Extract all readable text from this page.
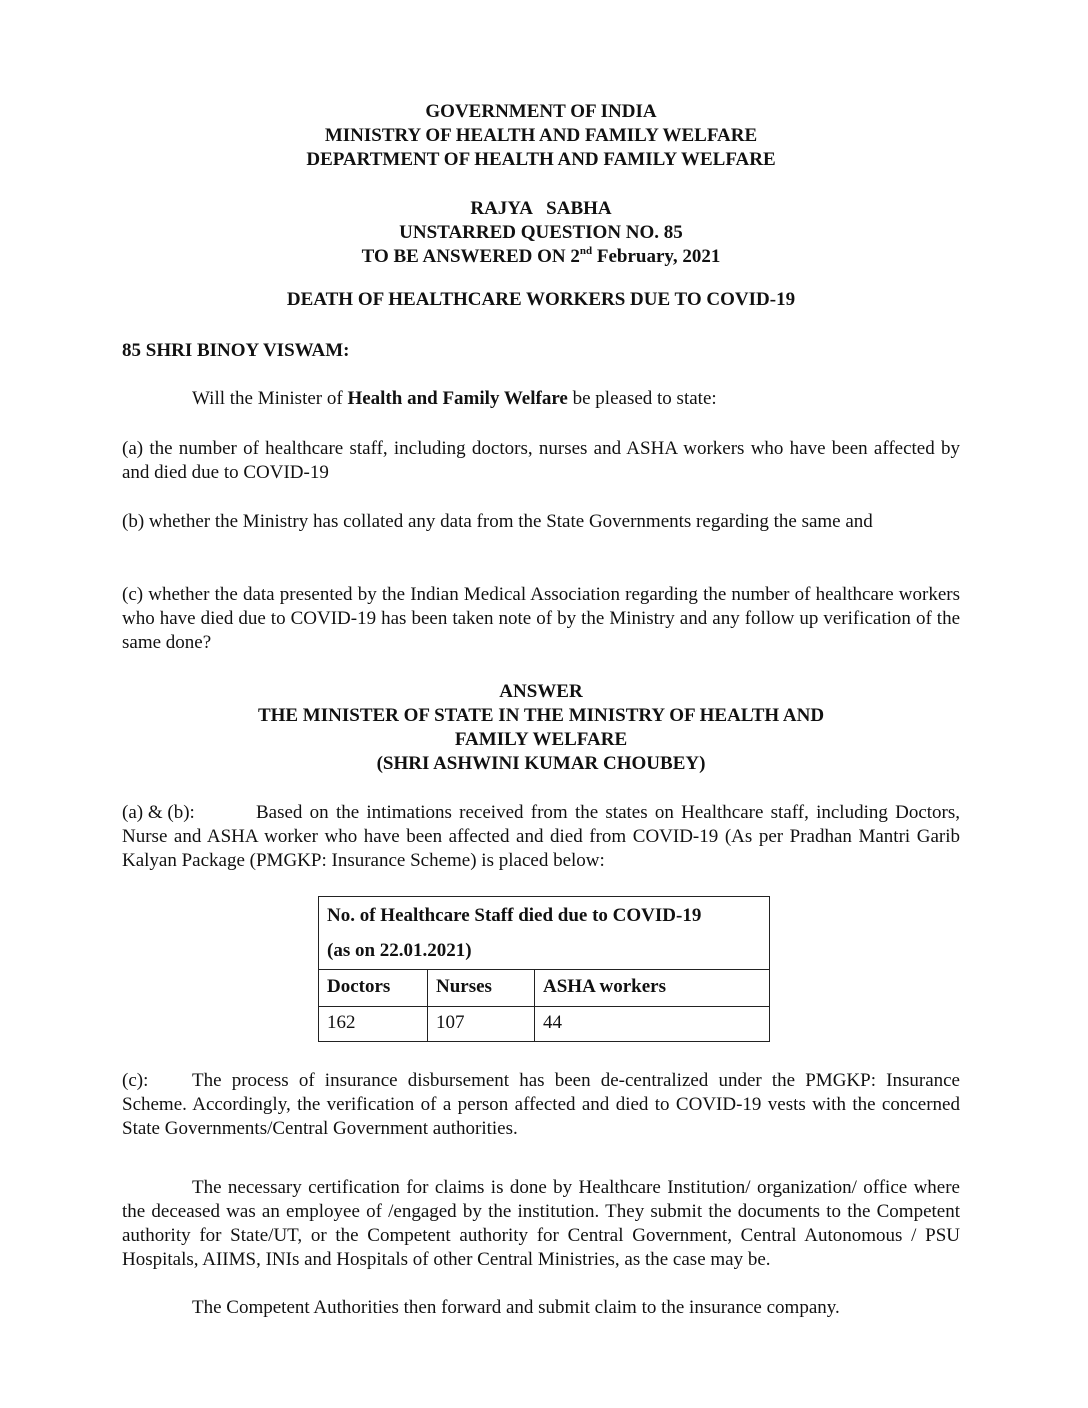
GOVERNMENT OF INDIA
MINISTRY OF HEALTH AND FAMILY WELFARE
DEPARTMENT OF HEALTH AND FAMILY WELFARE
RAJYA   SABHA
UNSTARRED QUESTION NO. 85
TO BE ANSWERED ON 2nd February, 2021
DEATH OF HEALTHCARE WORKERS DUE TO COVID-19
85 SHRI BINOY VISWAM:
Will the Minister of Health and Family Welfare be pleased to state:
(a) the number of healthcare staff, including doctors, nurses and ASHA workers who have been affected by and died due to COVID-19
(b) whether the Ministry has collated any data from the State Governments regarding the same and
(c) whether the data presented by the Indian Medical Association regarding the number of healthcare workers who have died due to COVID-19 has been taken note of by the Ministry and any follow up verification of the same done?
ANSWER
THE MINISTER OF STATE IN THE MINISTRY OF HEALTH AND
FAMILY WELFARE
(SHRI ASHWINI KUMAR CHOUBEY)
(a) & (b):	Based on the intimations received from the states on Healthcare staff, including Doctors, Nurse and ASHA worker who have been affected and died from COVID-19 (As per Pradhan Mantri Garib Kalyan Package (PMGKP: Insurance Scheme) is placed below:
No. of Healthcare Staff died due to COVID-19
(as on 22.01.2021)		

Doctors	Nurses	ASHA workers
162	107	44
(c): The process of insurance disbursement has been de-centralized under the PMGKP: Insurance Scheme. Accordingly, the verification of a person affected and died to COVID-19 vests with the concerned State Governments/Central Government authorities.
The necessary certification for claims is done by Healthcare Institution/ organization/ office where the deceased was an employee of /engaged by the institution. They submit the documents to the Competent authority for State/UT, or the Competent authority for Central Government, Central Autonomous / PSU Hospitals, AIIMS, INIs and Hospitals of other Central Ministries, as the case may be.
The Competent Authorities then forward and submit claim to the insurance company.
